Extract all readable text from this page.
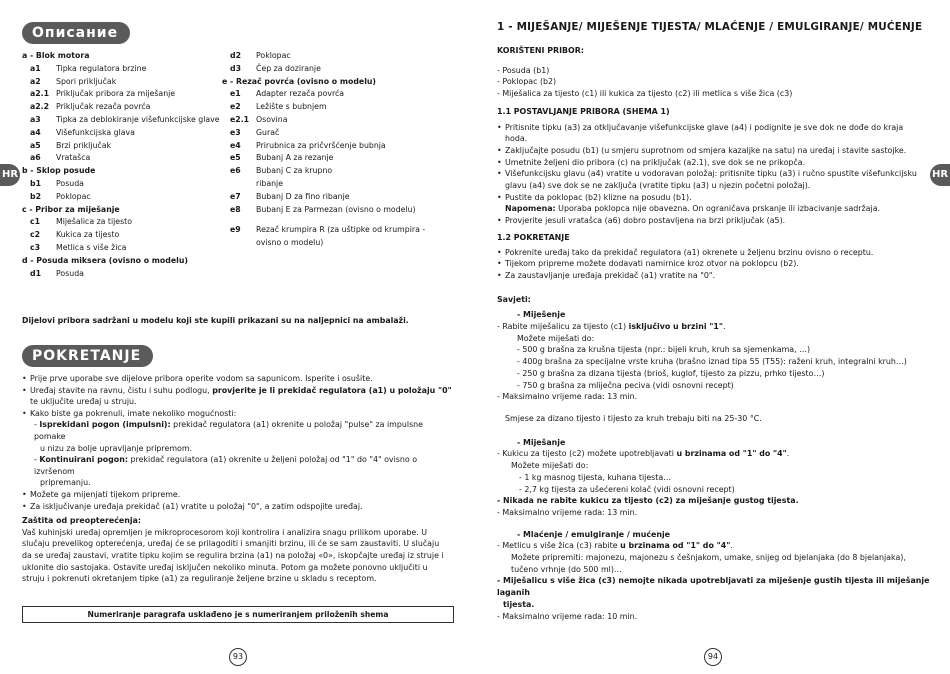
Описание
a - Blok motora
a1 Tipka regulatora brzine
a2 Spori priključak
a2.1 Priključak pribora za miješanje
a2.2 Priključak rezača povrća
a3 Tipka za deblokiranje višefunkcijske glave
a4 Višefunkcijska glava
a5 Brzi priključak
a6 Vratašca
b - Sklop posude
b1 Posuda
b2 Poklopac
c - Pribor za miješanje
c1 Miješalica za tijesto
c2 Kukica za tijesto
c3 Metlica s više žica
d - Posuda miksera (ovisno o modelu)
d1 Posuda
d2 Poklopac
d3 Čep za doziranje
e - Rezač povrća (ovisno o modelu)
e1 Adapter rezača povrća
e2 Ležište s bubnjem
e2.1 Osovina
e3 Gurač
e4 Prirubnica za pričvršćenje bubnja
e5 Bubanj A za rezanje
e6 Bubanj C za krupno
ribanje
e7 Bubanj D za fino ribanje
e8 Bubanj E za Parmezan (ovisno o modelu)
e9 Rezač krumpira R (za uštipke od krumpira -
ovisno o modelu)
Dijelovi pribora sadržani u modelu koji ste kupili prikazani su na naljepnici na ambalaži.
POKRETANJE
• Prije prve uporabe sve dijelove pribora operite vodom sa sapunicom. Isperite i osušite.
• Uređaj stavite na ravnu, čistu i suhu podlogu, provjerite je li prekidač regulatora (a1) u položaju "0" te uključite uređaj u struju.
• Kako biste ga pokrenuli, imate nekoliko mogućnosti:
- Isprekidani pogon (impulsni): prekidač regulatora (a1) okrenite u položaj "pulse" za impulsne pomake
u nizu za bolje upravljanje pripremom.
- Kontinuirani pogon: prekidač regulatora (a1) okrenite u željeni položaj od "1" do "4" ovisno o izvršenom
pripremanju.
• Možete ga mijenjati tijekom pripreme.
• Za isključivanje uređaja prekidač (a1) vratite u položaj "0", a zatim odspojite uređaj.
Zaštita od preopterećenja:
Vaš kuhinjski uređaj opremljen je mikroprocesorom koji kontrolira i analizira snagu prilikom uporabe. U
slučaju prevelikog opterećenja, uređaj će se prilagoditi i smanjiti brzinu, ili će se sam zaustaviti. U slučaju
da se uređaj zaustavi, vratite tipku kojim se regulira brzina (a1) na položaj «0», iskopčajte uređaj iz struje i
uklonite dio sastojaka. Ostavite uređaj isključen nekoliko minuta. Potom ga možete ponovno uključiti u
struju i pokrenuti okretanjem tipke (a1) za reguliranje željene brzine u skladu s receptom.
Numeriranje paragrafa usklađeno je s numeriranjem priloženih shema
93
HR
1 - MIJEŠANJE/ MIJEŠENJE TIJESTA/ MLAĆENJE / EMULGIRANJE/ MUĆENJE
KORIŠTENI PRIBOR:
- Posuda (b1)
- Poklopac (b2)
- Miješalica za tijesto (c1) ili kukica za tijesto (c2) ili metlica s više žica (c3)
1.1 POSTAVLJANJE PRIBORA (SHEMA 1)
• Pritisnite tipku (a3) za otključavanje višefunkcijske glave (a4) i podignite je sve dok ne dođe do kraja
hoda.
• Zaključajte posudu (b1) (u smjeru suprotnom od smjera kazaljke na satu) na uređaj i stavite sastojke.
• Umetnite željeni dio pribora (c) na priključak (a2.1), sve dok se ne prikopča.
• Višefunkcijsku glavu (a4) vratite u vodoravan položaj: pritisnite tipku (a3) i ručno spustite višefunkcijsku
glavu (a4) sve dok se ne zaključa (vratite tipku (a3) u njezin početni položaj).
• Pustite da poklopac (b2) klizne na posudu (b1).
Napomena: Uporaba poklopca nije obavezna. On ograničava prskanje ili izbacivanje sadržaja.
• Provjerite jesuli vratašca (a6) dobro postavljena na brzi priključak (a5).
1.2 POKRETANJE
• Pokrenite uređaj tako da prekidač regulatora (a1) okrenete u željenu brzinu ovisno o receptu.
• Tijekom pripreme možete dodavati namirnice kroz otvor na poklopcu (b2).
• Za zaustavljanje uređaja prekidač (a1) vratite na "0".
Savjeti:
- Miješenje
- Rabite miješalicu za tijesto (c1) isključivo u brzini "1".
Možete miješati do:
- 500 g brašna za krušna tijesta (npr.: bijeli kruh, kruh sa sjemenkama, …)
- 400g brašna za specijalne vrste kruha (brašno iznad tipa 55 (T55): raženi kruh, integralni kruh…)
- 250 g brašna za dizana tijesta (brioš, kuglof, tijesto za pizzu, prhko tijesto…)
- 750 g brašna za mliječna peciva (vidi osnovni recept)
- Maksimalno vrijeme rada: 13 min.
Smjese za dizano tijesto i tijesto za kruh trebaju biti na 25-30 °C.
- Miješanje
- Kukicu za tijesto (c2) možete upotrebljavati u brzinama od "1" do "4".
Možete miješati do:
- 1 kg masnog tijesta, kuhana tijesta…
- 2,7 kg tijesta za ušećereni kolač (vidi osnovni recept)
- Nikada ne rabite kukicu za tijesto (c2) za miješanje gustog tijesta.
- Maksimalno vrijeme rada: 13 min.
- Mlaćenje / emulgiranje / mućenje
- Metlicu s više žica (c3) rabite u brzinama od "1" do "4".
Možete pripremiti: majonezu, majonezu s češnjakom, umake, snijeg od bjelanjaka (do 8 bjelanjaka),
tučeno vrhnje (do 500 ml)…
- Miješalicu s više žica (c3) nemojte nikada upotrebljavati za miješenje gustih tijesta ili miješanje laganih
tijesta.
- Maksimalno vrijeme rada: 10 min.
94
HR
